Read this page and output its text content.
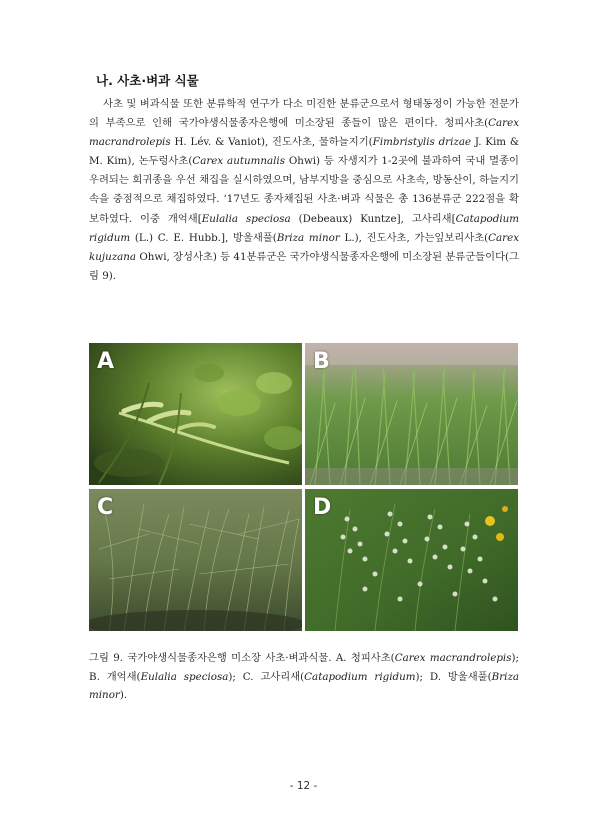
나. 사초·벼과 식물

사초 및 벼과식물 또한 분류학적 연구가 다소 미진한 분류군으로서 형태동정이 가능한 전문가의 부족으로 인해 국가야생식물종자은행에 미소장된 종들이 많은 편이다. 청피사초(Carex macrandrolepis H. Lév. & Vaniot), 진도사초, 물하늘지기(Fimbristylis drizae J. Kim & M. Kim), 논두렁사초(Carex autumnalis Ohwi) 등 자생지가 1-2곳에 불과하여 국내 멸종이 우려되는 희귀종을 우선 채집을 실시하였으며, 남부지방을 중심으로 사초속, 방동산이, 하늘지기속을 중점적으로 채집하였다. ‘17년도 종자채집된 사초·벼과 식물은 총 136분류군 222점을 확보하였다. 이중 개억새[Eulalia speciosa (Debeaux) Kuntze], 고사리새[Catapodium rigidum (L.) C. E. Hubb.], 방울새풀(Briza minor L.), 진도사초, 가는잎보리사초(Carex kujuzana Ohwi, 장성사초) 등 41분류군은 국가야생식물종자은행에 미소장된 분류군들이다(그림 9).

A	B
C	D

그림 9. 국가야생식물종자은행 미소장 사초·벼과식물. A. 청피사초(Carex macrandrolepis); B. 개억새(Eulalia speciosa); C. 고사리새(Catapodium rigidum); D. 방울새풀(Briza minor).

- 12 -
